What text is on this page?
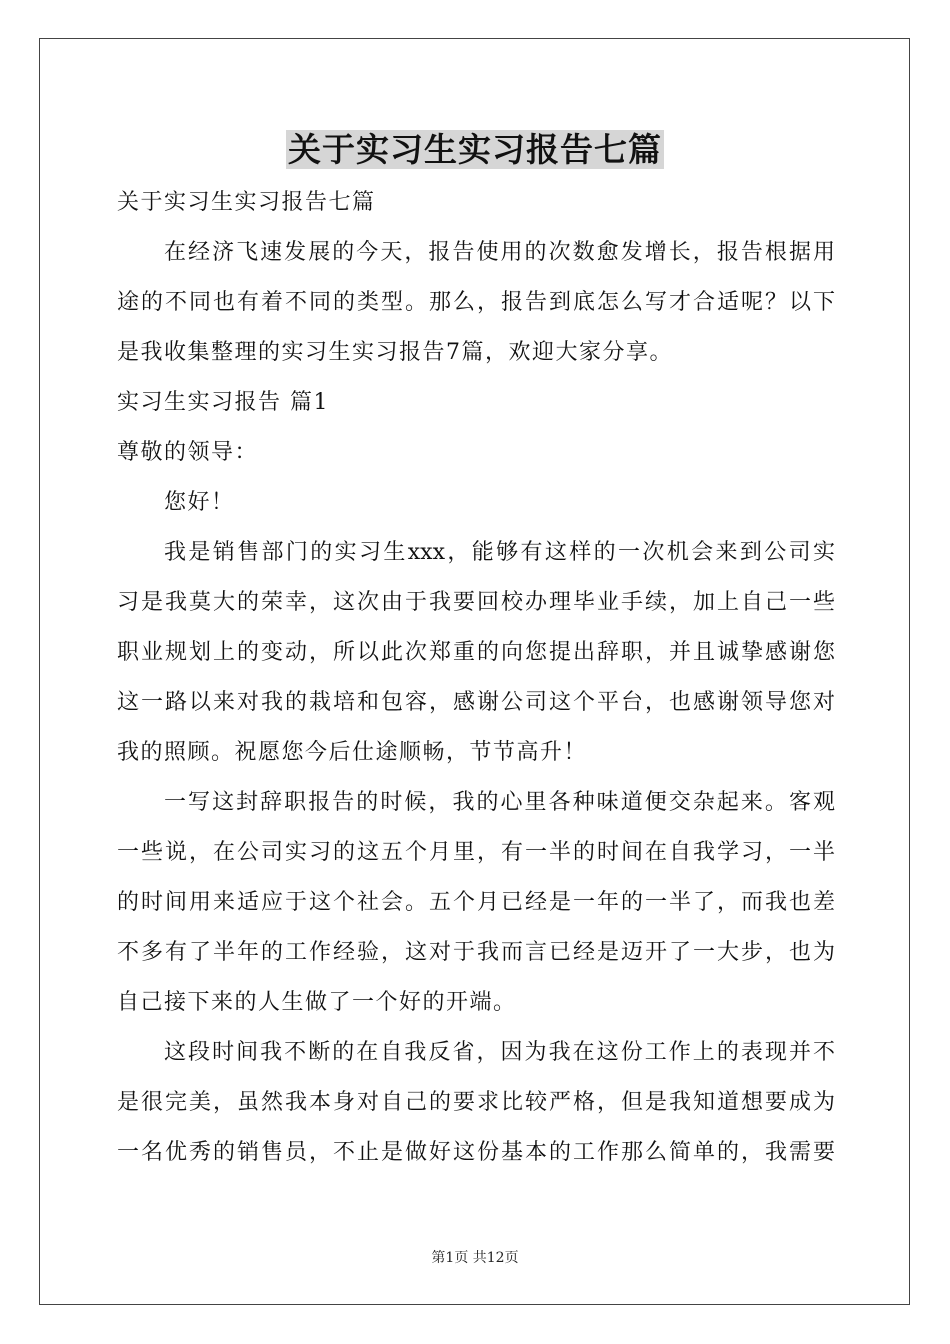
关于实习生实习报告七篇
关于实习生实习报告七篇
在经济飞速发展的今天，报告使用的次数愈发增长，报告根据用
途的不同也有着不同的类型。那么，报告到底怎么写才合适呢？以下
是我收集整理的实习生实习报告7篇，欢迎大家分享。
实习生实习报告 篇1
尊敬的领导：
您好！
我是销售部门的实习生xxx，能够有这样的一次机会来到公司实
习是我莫大的荣幸，这次由于我要回校办理毕业手续，加上自己一些
职业规划上的变动，所以此次郑重的向您提出辞职，并且诚挚感谢您
这一路以来对我的栽培和包容，感谢公司这个平台，也感谢领导您对
我的照顾。祝愿您今后仕途顺畅，节节高升！
一写这封辞职报告的时候，我的心里各种味道便交杂起来。客观
一些说，在公司实习的这五个月里，有一半的时间在自我学习，一半
的时间用来适应于这个社会。五个月已经是一年的一半了，而我也差
不多有了半年的工作经验，这对于我而言已经是迈开了一大步，也为
自己接下来的人生做了一个好的开端。
这段时间我不断的在自我反省，因为我在这份工作上的表现并不
是很完美，虽然我本身对自己的要求比较严格，但是我知道想要成为
一名优秀的销售员，不止是做好这份基本的工作那么简单的，我需要
第1页 共12页
